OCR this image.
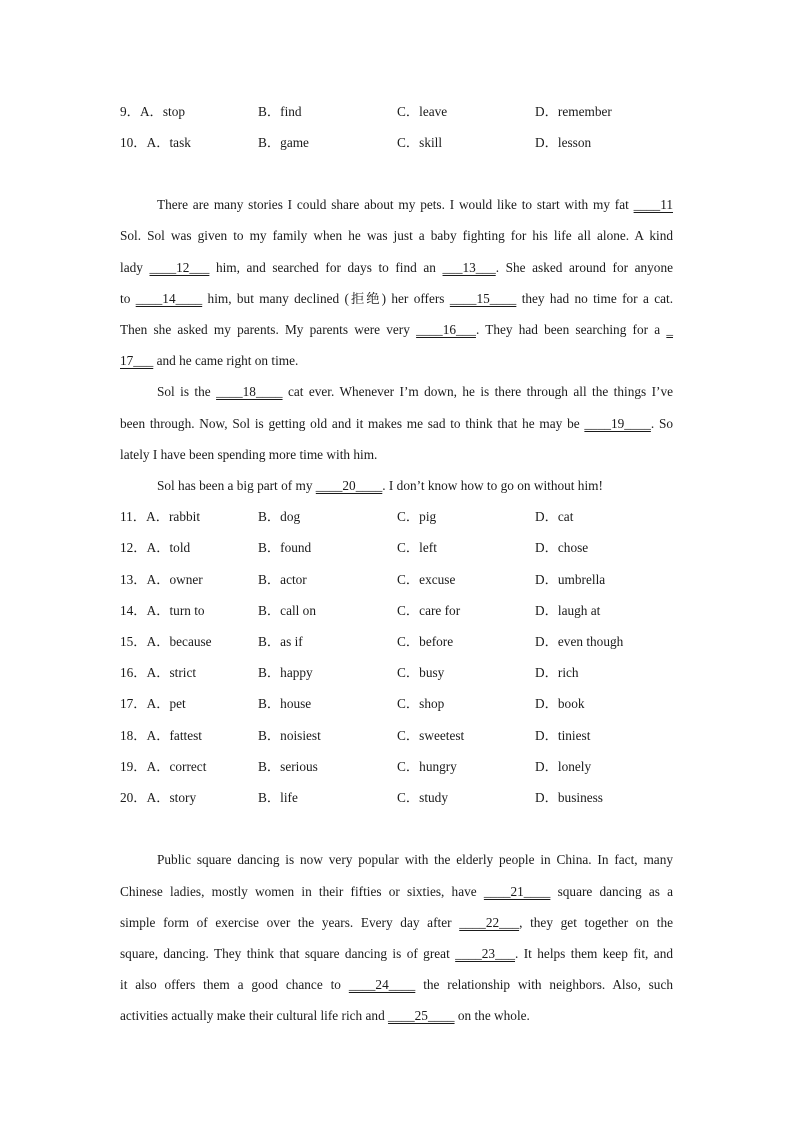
9．A．stop	B．find	C．leave	D．remember
10．A．task	B．game	C．skill	D．lesson
There are many stories I could share about my pets. I would like to start with my fat ____11
Sol. Sol was given to my family when he was just a baby fighting for his life all alone. A kind
lady ____12___ him, and searched for days to find an ___13___. She asked around for anyone
to ____14____ him, but many declined (拒绝) her offers ____15____ they had no time for a cat.
Then she asked my parents. My parents were very ____16___. They had been searching for a _
17___ and he came right on time.
Sol is the ____18____ cat ever. Whenever I’m down, he is there through all the things I’ve
been through. Now, Sol is getting old and it makes me sad to think that he may be ____19____. So
lately I have been spending more time with him.
Sol has been a big part of my ____20____. I don’t know how to go on without him!
11．A．rabbit	B．dog	C．pig	D．cat
12．A．told	B．found	C．left	D．chose
13．A．owner	B．actor	C．excuse	D．umbrella
14．A．turn to	B．call on	C．care for	D．laugh at
15．A．because	B．as if	C．before	D．even though
16．A．strict	B．happy	C．busy	D．rich
17．A．pet	B．house	C．shop	D．book
18．A．fattest	B．noisiest	C．sweetest	D．tiniest
19．A．correct	B．serious	C．hungry	D．lonely
20．A．story	B．life	C．study	D．business
Public square dancing is now very popular with the elderly people in China. In fact, many
Chinese ladies, mostly women in their fifties or sixties, have ____21____ square dancing as a
simple form of exercise over the years. Every day after ____22___, they get together on the
square, dancing. They think that square dancing is of great ____23___. It helps them keep fit, and
it also offers them a good chance to ____24____ the relationship with neighbors. Also, such
activities actually make their cultural life rich and ____25____ on the whole.
